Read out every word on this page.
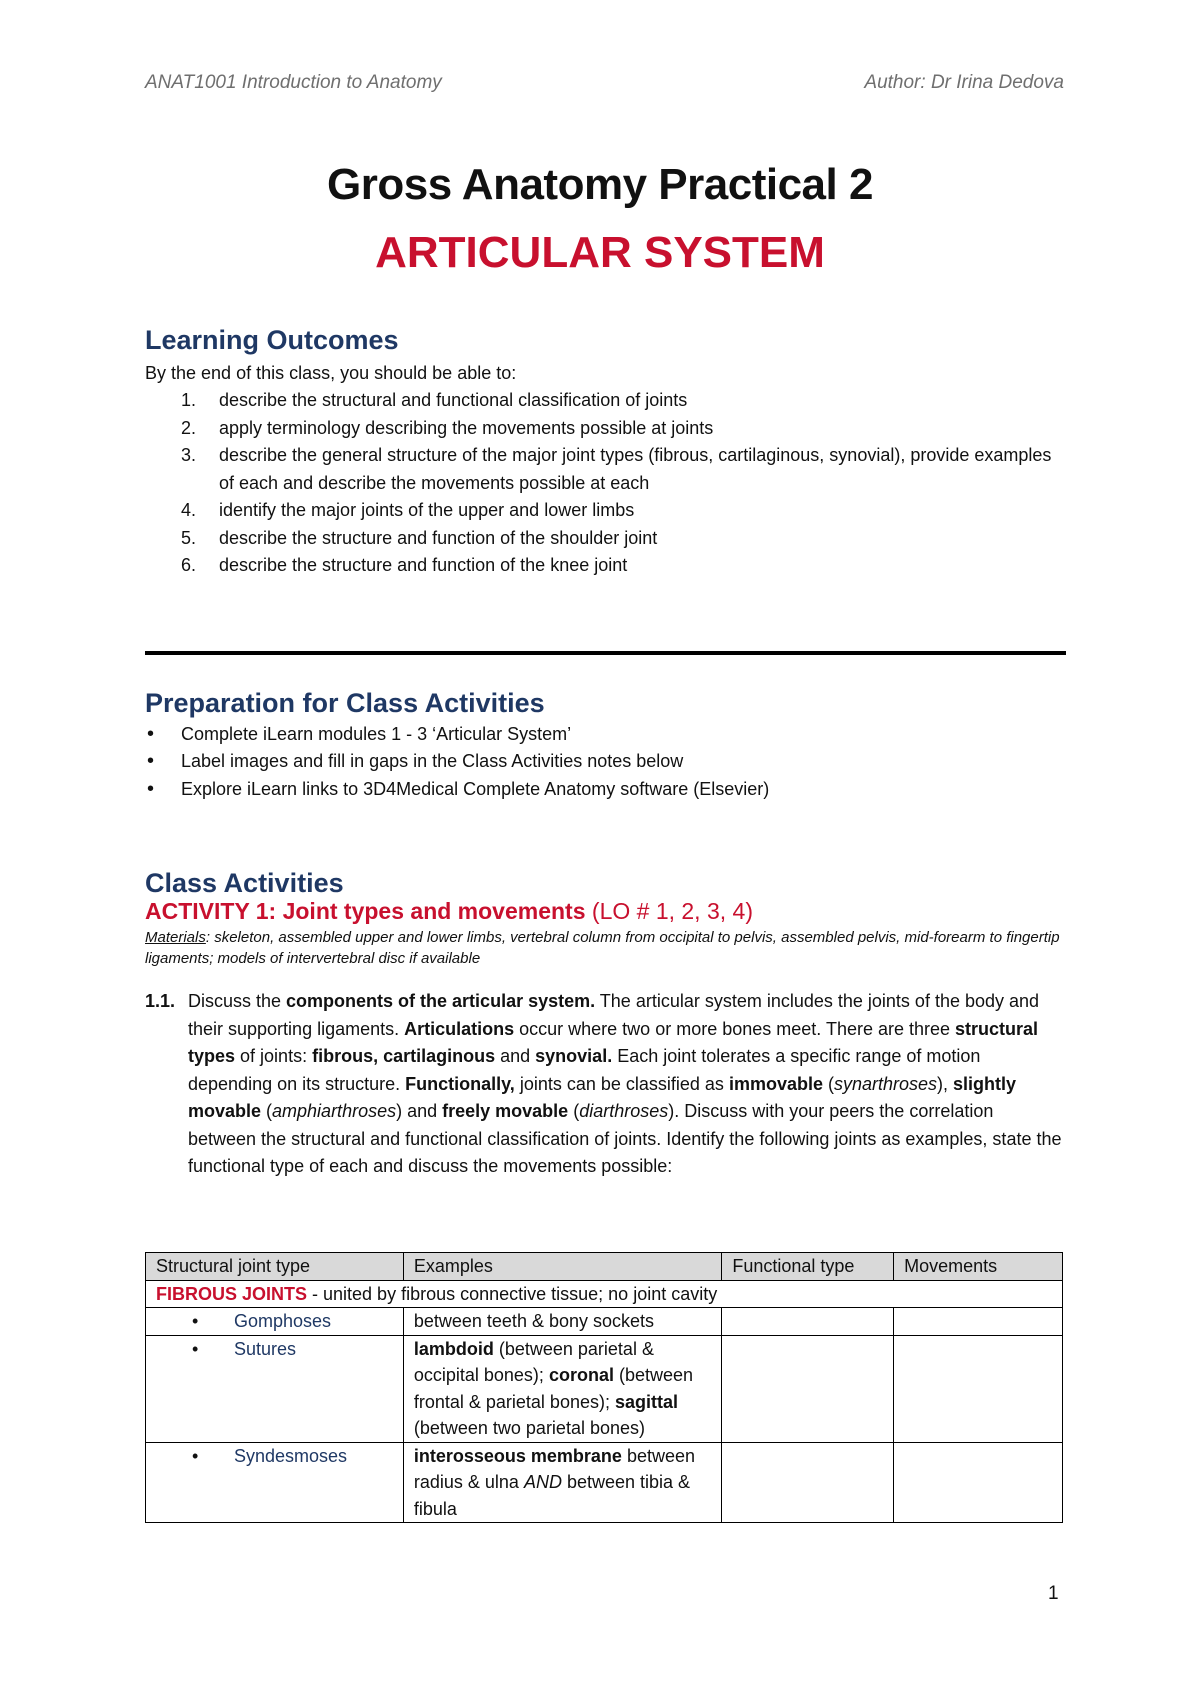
ANAT1001 Introduction to Anatomy	Author: Dr Irina Dedova
Gross Anatomy Practical 2
ARTICULAR SYSTEM
Learning Outcomes
By the end of this class, you should be able to:
1. describe the structural and functional classification of joints
2. apply terminology describing the movements possible at joints
3. describe the general structure of the major joint types (fibrous, cartilaginous, synovial), provide examples of each and describe the movements possible at each
4. identify the major joints of the upper and lower limbs
5. describe the structure and function of the shoulder joint
6. describe the structure and function of the knee joint
Preparation for Class Activities
• Complete iLearn modules 1 - 3 ‘Articular System’
• Label images and fill in gaps in the Class Activities notes below
• Explore iLearn links to 3D4Medical Complete Anatomy software (Elsevier)
Class Activities
ACTIVITY 1: Joint types and movements (LO # 1, 2, 3, 4)
Materials: skeleton, assembled upper and lower limbs, vertebral column from occipital to pelvis, assembled pelvis, mid-forearm to fingertip ligaments; models of intervertebral disc if available
1.1. Discuss the components of the articular system. The articular system includes the joints of the body and their supporting ligaments. Articulations occur where two or more bones meet. There are three structural types of joints: fibrous, cartilaginous and synovial. Each joint tolerates a specific range of motion depending on its structure. Functionally, joints can be classified as immovable (synarthroses), slightly movable (amphiarthroses) and freely movable (diarthroses). Discuss with your peers the correlation between the structural and functional classification of joints. Identify the following joints as examples, state the functional type of each and discuss the movements possible:
Structural joint type	Examples	Functional type	Movements
FIBROUS JOINTS - united by fibrous connective tissue; no joint cavity			

• Gomphoses	between teeth & bony sockets		

• Sutures	lambdoid (between parietal & occipital bones); coronal (between frontal & parietal bones); sagittal (between two parietal bones)		

• Syndesmoses	interosseous membrane between radius & ulna AND between tibia & fibula		
1
